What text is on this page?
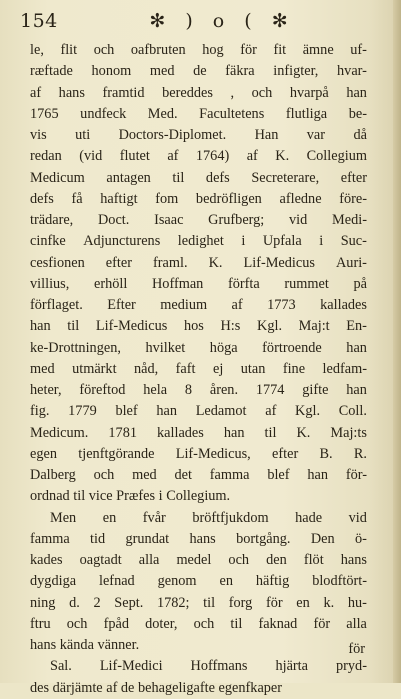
154	✻ ) o ( ✻
le, flit och oafbruten hog för fit ämne uf-
ræftade honom med de fäkra infigter, hvar-
af hans framtid bereddes , och hvarpå han
1765 undfeck Med. Facultetens flutliga be-
vis uti Doctors-Diplomet. Han var då
redan (vid flutet af 1764) af K. Collegium
Medicum antagen til defs Secreterare, efter
defs få haftigt fom bedröfligen afledne före-
trädare, Doct. Isaac Grufberg; vid Medi-
cinfke Adjuncturens ledighet i Upfala i Suc-
cesfionen efter framl. K. Lif-Medicus Auri-
villius, erhöll Hoffman förfta rummet på
förflaget. Efter medium af 1773 kallades
han til Lif-Medicus hos H:s Kgl. Maj:t En-
ke-Drottningen, hvilket höga förtroende han
med utmärkt nåd, faft ej utan fine ledfam-
heter, föreftod hela 8 åren. 1774 gifte han
fig. 1779 blef han Ledamot af Kgl. Coll.
Medicum. 1781 kallades han til K. Maj:ts
egen tjenftgörande Lif-Medicus, efter B. R.
Dalberg och med det famma blef han för-
ordnad til vice Præfes i Collegium.
Men en fvår bröftfjukdom hade vid
famma tid grundat hans bortgång. Den ö-
kades oagtadt alla medel och den flöt hans
dygdiga lefnad genom en häftig blodftört-
ning d. 2 Sept. 1782; til forg för en k. hu-
ftru och fpåd doter, och til faknad för alla
hans kända vänner.
Sal. Lif-Medici Hoffmans hjärta pryd-
des därjämte af de behageligafte egenfkaper
för
